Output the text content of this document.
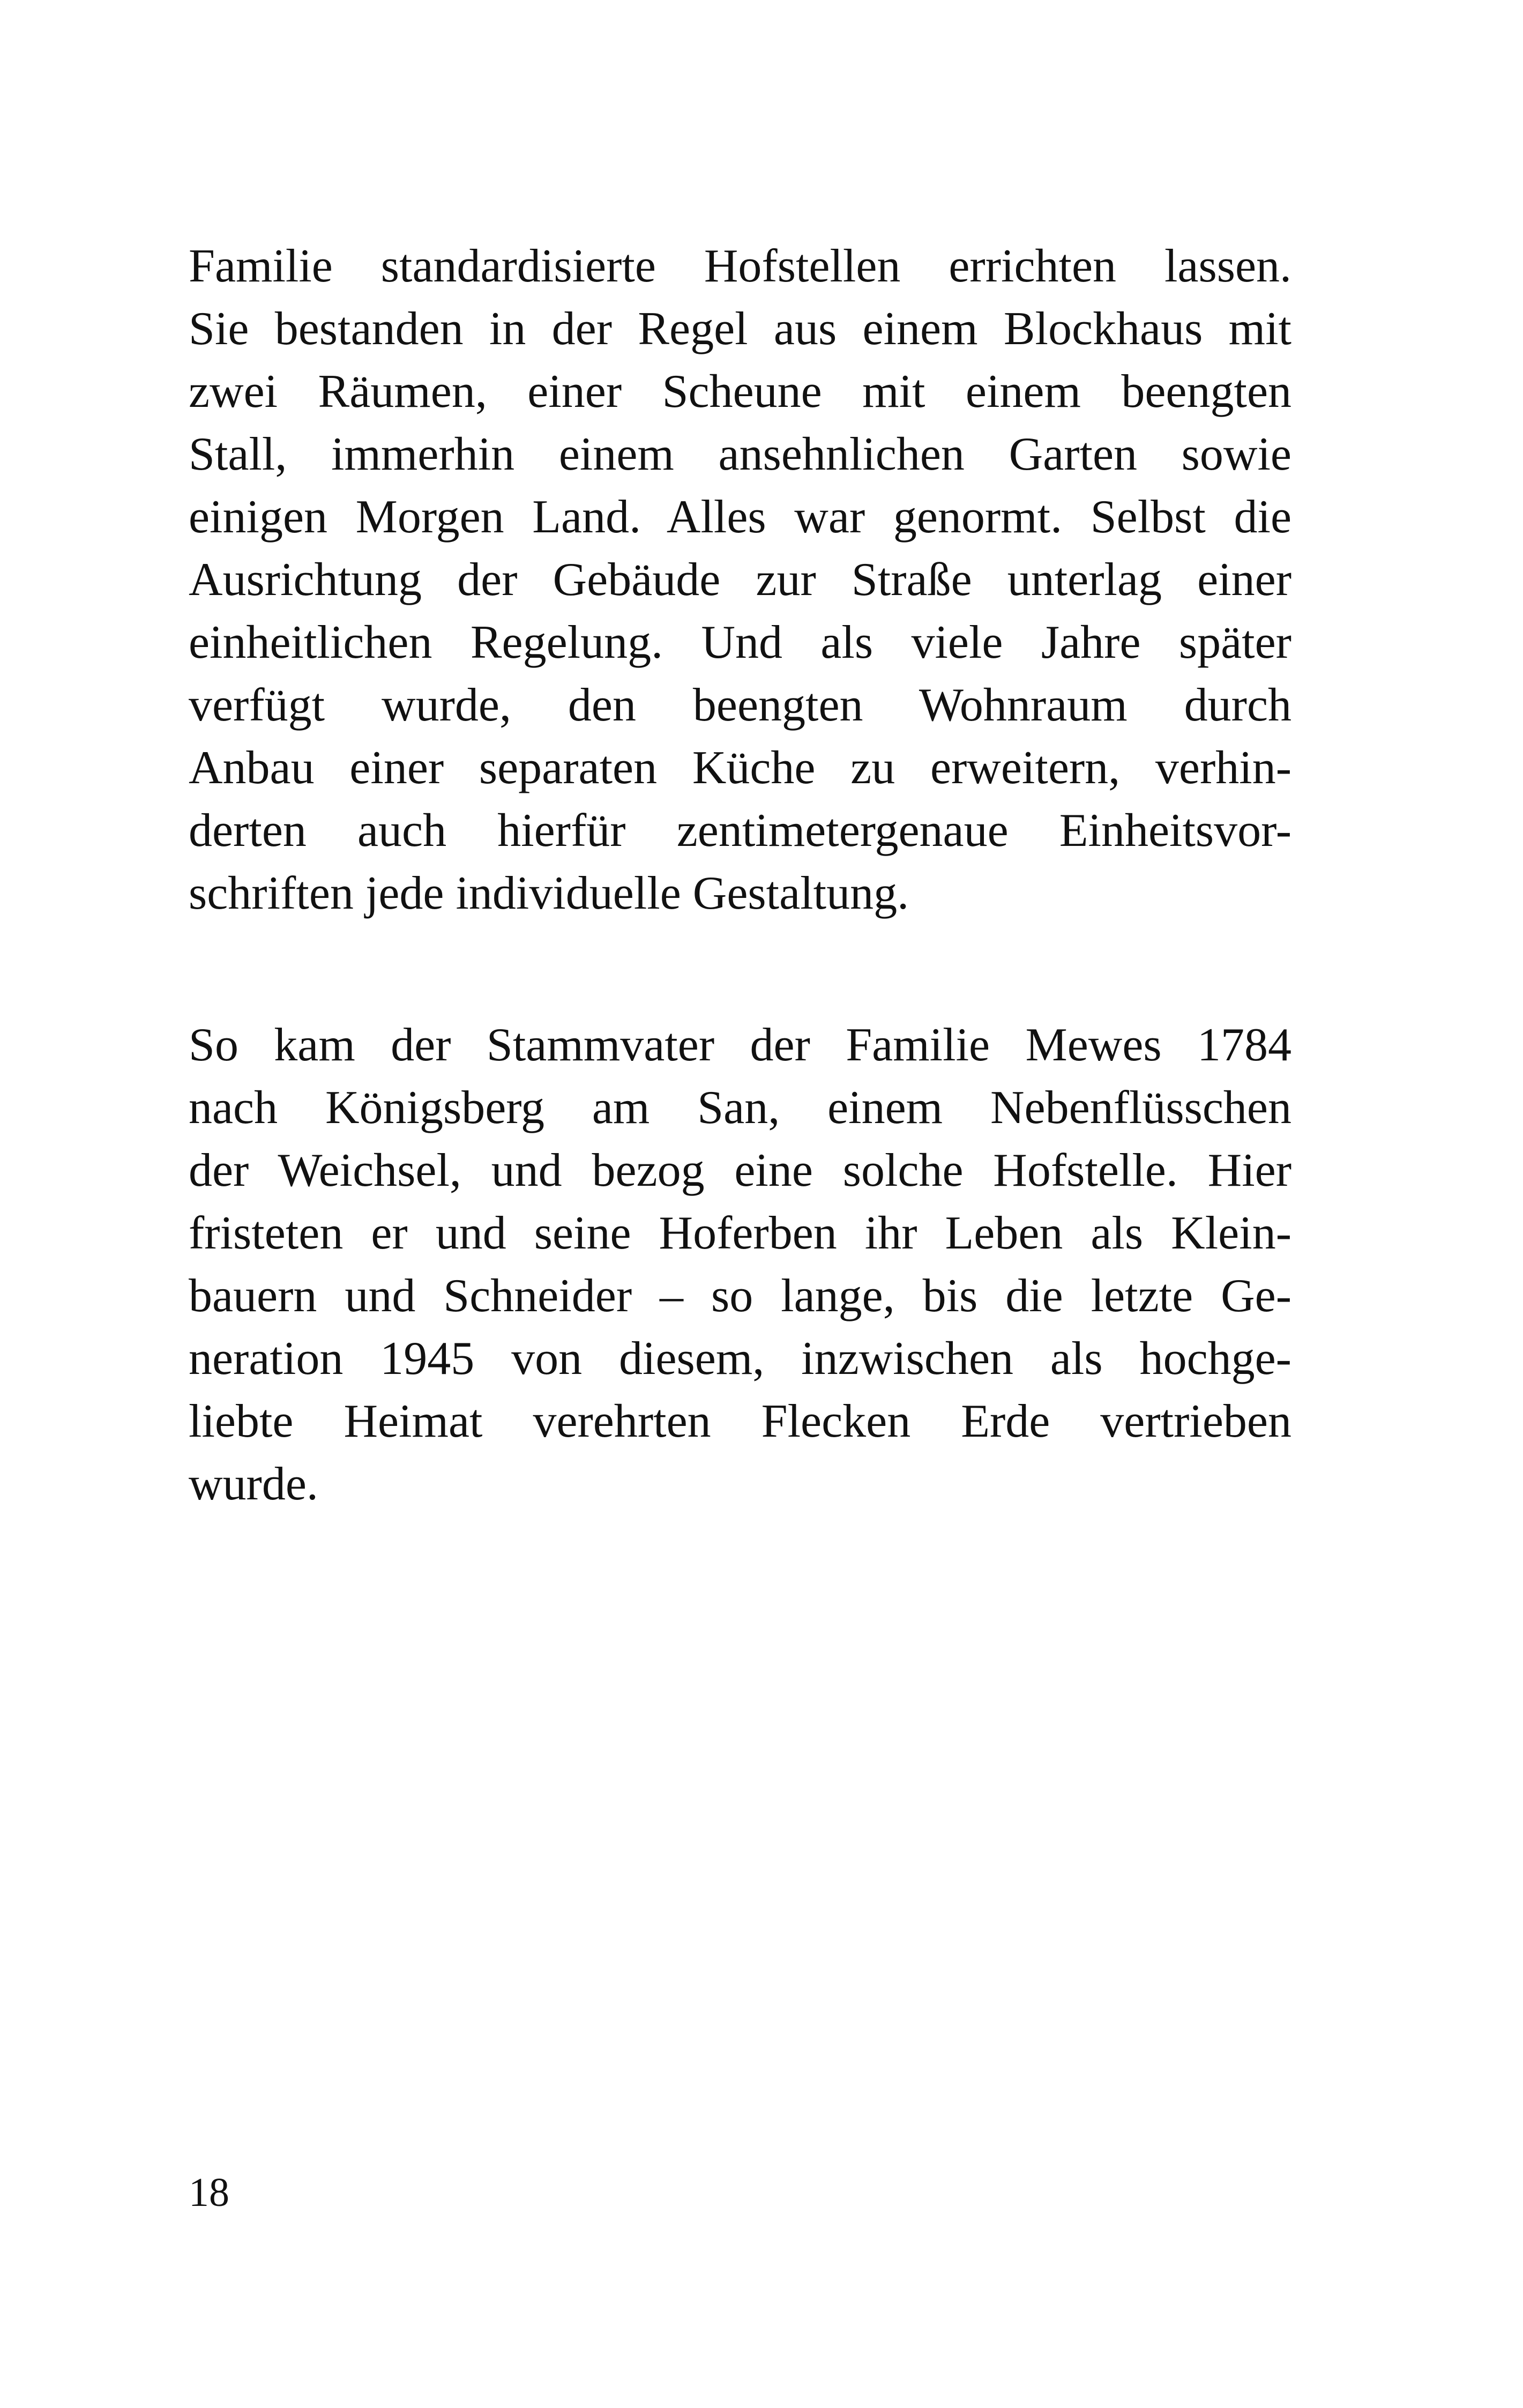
Familie standardisierte Hofstellen errichten lassen.
Sie bestanden in der Regel aus einem Blockhaus mit
zwei Räumen, einer Scheune mit einem beengten
Stall, immerhin einem ansehnlichen Garten sowie
einigen Morgen Land. Alles war genormt. Selbst die
Ausrichtung der Gebäude zur Straße unterlag einer
einheitlichen Regelung. Und als viele Jahre später
verfügt wurde, den beengten Wohnraum durch
Anbau einer separaten Küche zu erweitern, verhin-
derten auch hierfür zentimetergenaue Einheitsvor-
schriften jede individuelle Gestaltung.
So kam der Stammvater der Familie Mewes 1784
nach Königsberg am San, einem Nebenflüsschen
der Weichsel, und bezog eine solche Hofstelle. Hier
fristeten er und seine Hoferben ihr Leben als Klein-
bauern und Schneider – so lange, bis die letzte Ge-
neration 1945 von diesem, inzwischen als hochge-
liebte Heimat verehrten Flecken Erde vertrieben
wurde.
18
